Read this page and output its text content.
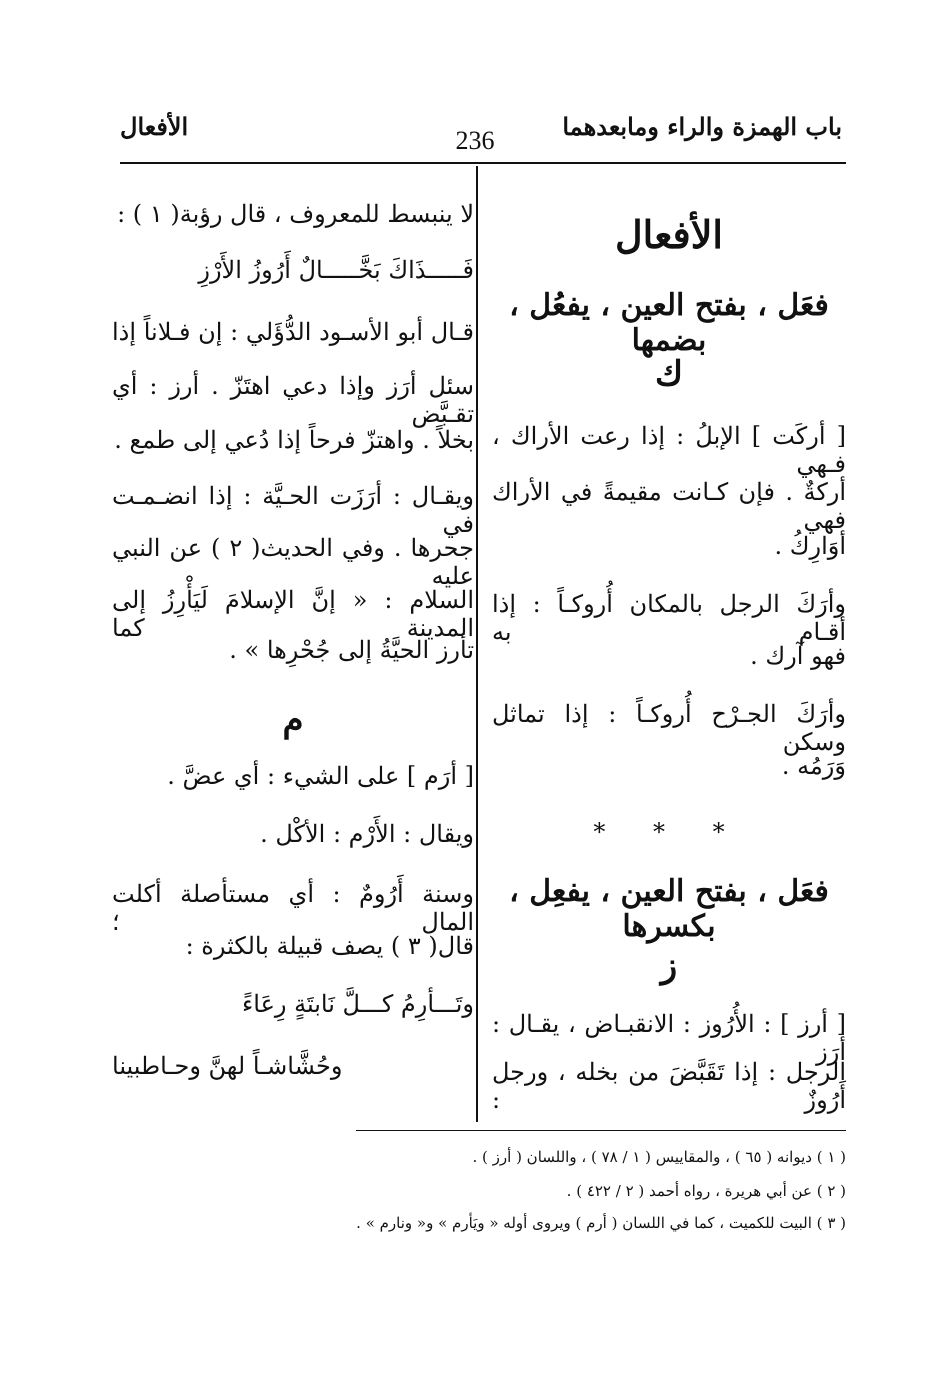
باب الهمزة والراء ومابعدهما
236
الأفعال
الأفعال
فعَل ، بفتح العين ، يفعُل ، بضمها
ك
[ أركَت ] الإبلُ : إذا رعت الأراك ، فـهي
أركةٌ . فإن كـانت مقيمةً في الأراك فهي
أوَارِكُ .
وأرَكَ الرجل بالمكان أُروكـاً : إذا أقـام به
فهو آرك .
وأرَكَ الجـرْح أُروكـاً : إذا تماثل وسكن
وَرَمُه .
* * *
فعَل ، بفتح العين ، يفعِل ، بكسرها
ز
[ أرز ] : الأُرُوز : الانقبـاض ، يقـال : أرَز
الرجل : إذا تَقَبَّضَ من بخله ، ورجل أَرُوزٌ :
لا ينبسط للمعروف ، قال رؤبة( ١ ) :
فَـــــذَاكَ بَخَّـــــالٌ أَرُوزُ الأَرْزِ
قـال أبو الأسـود الدُّؤَلي : إن فـلاناً إذا
سئل أرَز وإذا دعي اهتَزّ . أرز : أي تقـبَّض
بخلاً . واهتزّ فرحاً إذا دُعي إلى طمع .
ويقـال : أرَزَت الحـيَّة : إذا انضـمـت في
جحرها . وفي الحديث( ٢ ) عن النبي عليه
السلام : « إنَّ الإسلامَ لَيَأْرِزُ إلى المدينة كما
تأرز الحيَّةُ إلى جُحْرِها » .
م
[ أرَم ] على الشيء : أي عضَّ .
ويقال : الأَرْم : الأكْل .
وسنة أَرُومٌ : أي مستأصلة أكلت المال ؛
قال( ٣ ) يصف قبيلة بالكثرة :
وتَـــأرِمُ كـــلَّ نَابتَةٍ رِعَاءً
وحُشَّاشـاً لهنَّ وحـاطبينا
( ١ ) ديوانه ( ٦٥ ) ، والمقاييس ( ١ / ٧٨ ) ، واللسان ( أرز ) .
( ٢ ) عن أبي هريرة ، رواه أحمد ( ٢ / ٤٢٢ ) .
( ٣ ) البيت للكميت ، كما في اللسان ( أرم ) ويروى أوله « ويَأرم » و« ونارم » .
